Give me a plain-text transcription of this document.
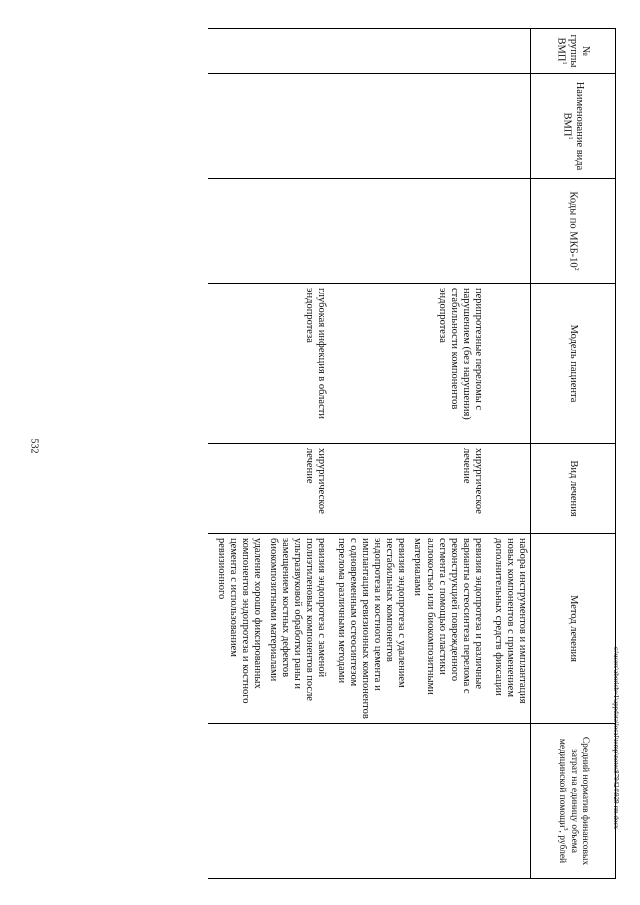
532
№ группы ВМП$^1$	Наименование вида ВМП$^1$	Коды по МКБ-$10^2$	Модель пациента	Вид лечения	Метод лечения	Средний норматив финансовых затрат на единицу объема медицинской помощи$^3$, рублей

					набора инструментов и имплантация новых компонентов с применением дополнительных средств фиксации	

			перипротезные переломы с нарушением (без нарушения) стабильности компонентов эндопротеза	хирургическое лечение	ревизия эндопротеза и различные варианты остеосинтеза перелома с реконструкцией поврежденного сегмента с помощью пластики аллокостью или биокомпозитными материалами

ревизия эндопротеза с удалением нестабильных компонентов эндопротеза и костного цемента и имплантация ревизионных компонентов с одновременным остеосинтезом перелома различными методами	

			глубокая инфекция в области эндопротеза	хирургическое лечение	ревизия эндопротеза с заменой полиэтиленовых компонентов после ультразвуковой обработки раны и замещением костных дефектов биокомпозитными материалами

удаление хорошо фиксированных компонентов эндопротеза и костного цемента с использованием ревизионного	

c:\users\aborish~1\appdata\local\temp\notes879424\929-rm.docx
